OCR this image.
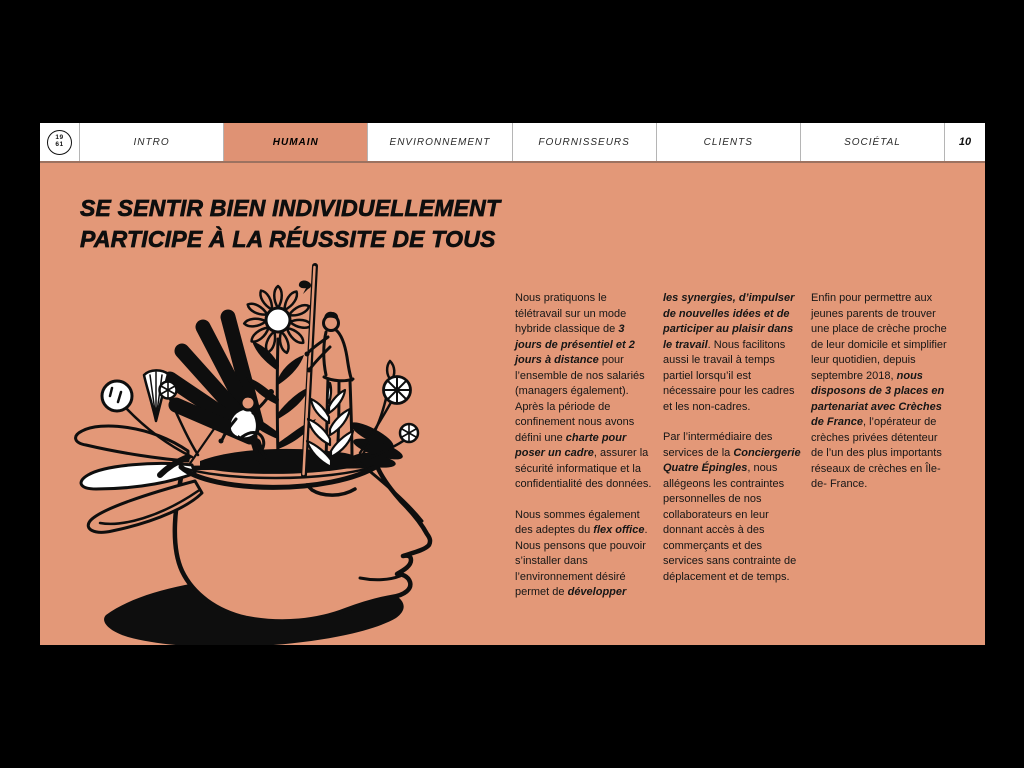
19
61	INTRO	HUMAIN	ENVIRONNEMENT	FOURNISSEURS	CLIENTS	SOCIÉTAL	10
SE SENTIR BIEN INDIVIDUELLEMENT
PARTICIPE À LA RÉUSSITE DE TOUS

Nous pratiquons le télétravail sur un mode hybride classique de 3 jours de présentiel et 2 jours à distance pour l’ensemble de nos salariés (managers également). Après la période de confinement nous avons défini une charte pour poser un cadre, assurer la sécurité informatique et la confidentialité des données.

Nous sommes également des adeptes du flex office. Nous pensons que pouvoir s’installer dans l’environnement désiré permet de développer

les synergies, d’impulser de nouvelles idées et de participer au plaisir dans le travail. Nous facilitons aussi le travail à temps partiel lorsqu’il est nécessaire pour les cadres et les non-cadres.

Par l’intermédiaire des services de la Conciergerie Quatre Épingles, nous allégeons les contraintes personnelles de nos collaborateurs en leur donnant accès à des commerçants et des services sans contrainte de déplacement et de temps.

Enfin pour permettre aux jeunes parents de trouver une place de crèche proche de leur domicile et simplifier leur quotidien, depuis septembre 2018, nous disposons de 3 places en partenariat avec Crèches de France, l’opérateur de crèches privées détenteur de l’un des plus importants réseaux de crèches en Île-de- France.
